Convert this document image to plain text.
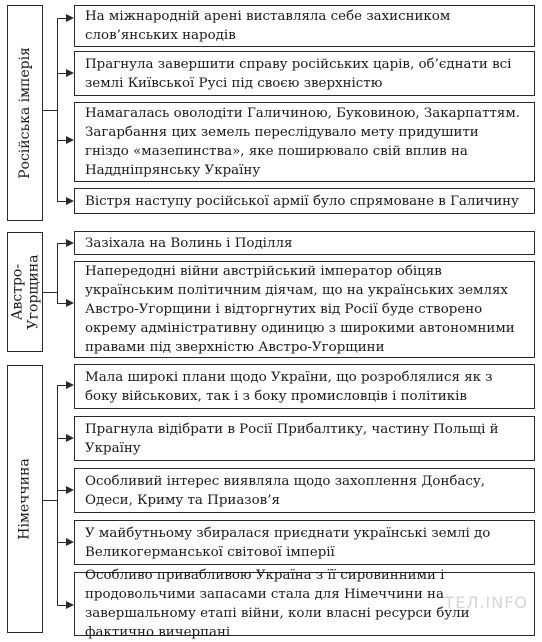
Російська імперія
На міжнародній арені виставляла себе захисником слов’янських народів
Прагнула завершити справу російських царів, об’єднати всі землі Київської Русі під своєю зверхністю
Намагалась оволодіти Галичиною, Буковиною, Закарпаттям. Загарбання цих земель переслідувало мету придушити гніздо «мазепинства», яке поширювало свій вплив на Наддніпрянську Україну
Вістря наступу російської армії було спрямоване в Галичину
Австро-
Угорщина
Зазіхала на Волинь і Поділля
Напередодні війни австрійський імператор обіцяв українським політичним діячам, що на українських землях Австро-Угорщини і відторгнутих від Росії буде створено окрему адміністративну одиницю з широкими автономними правами під зверхністю Австро-Угорщини
Німеччина
Мала широкі плани щодо України, що розроблялися як з боку військових, так і з боку промисловців і політиків
Прагнула відібрати в Росії Прибалтику, частину Польщі й Україну
Особливий інтерес виявляла щодо захоплення Донбасу, Одеси, Криму та Приазов’я
У майбутньому збиралася приєднати українські землі до Великогерманської світової імперії
Особливо привабливою Україна з її сировинними і продовольчими запасами стала для Німеччини на завершальному етапі війни, коли власні ресурси були фактично вичерпані
ТЕЛ.INFO
